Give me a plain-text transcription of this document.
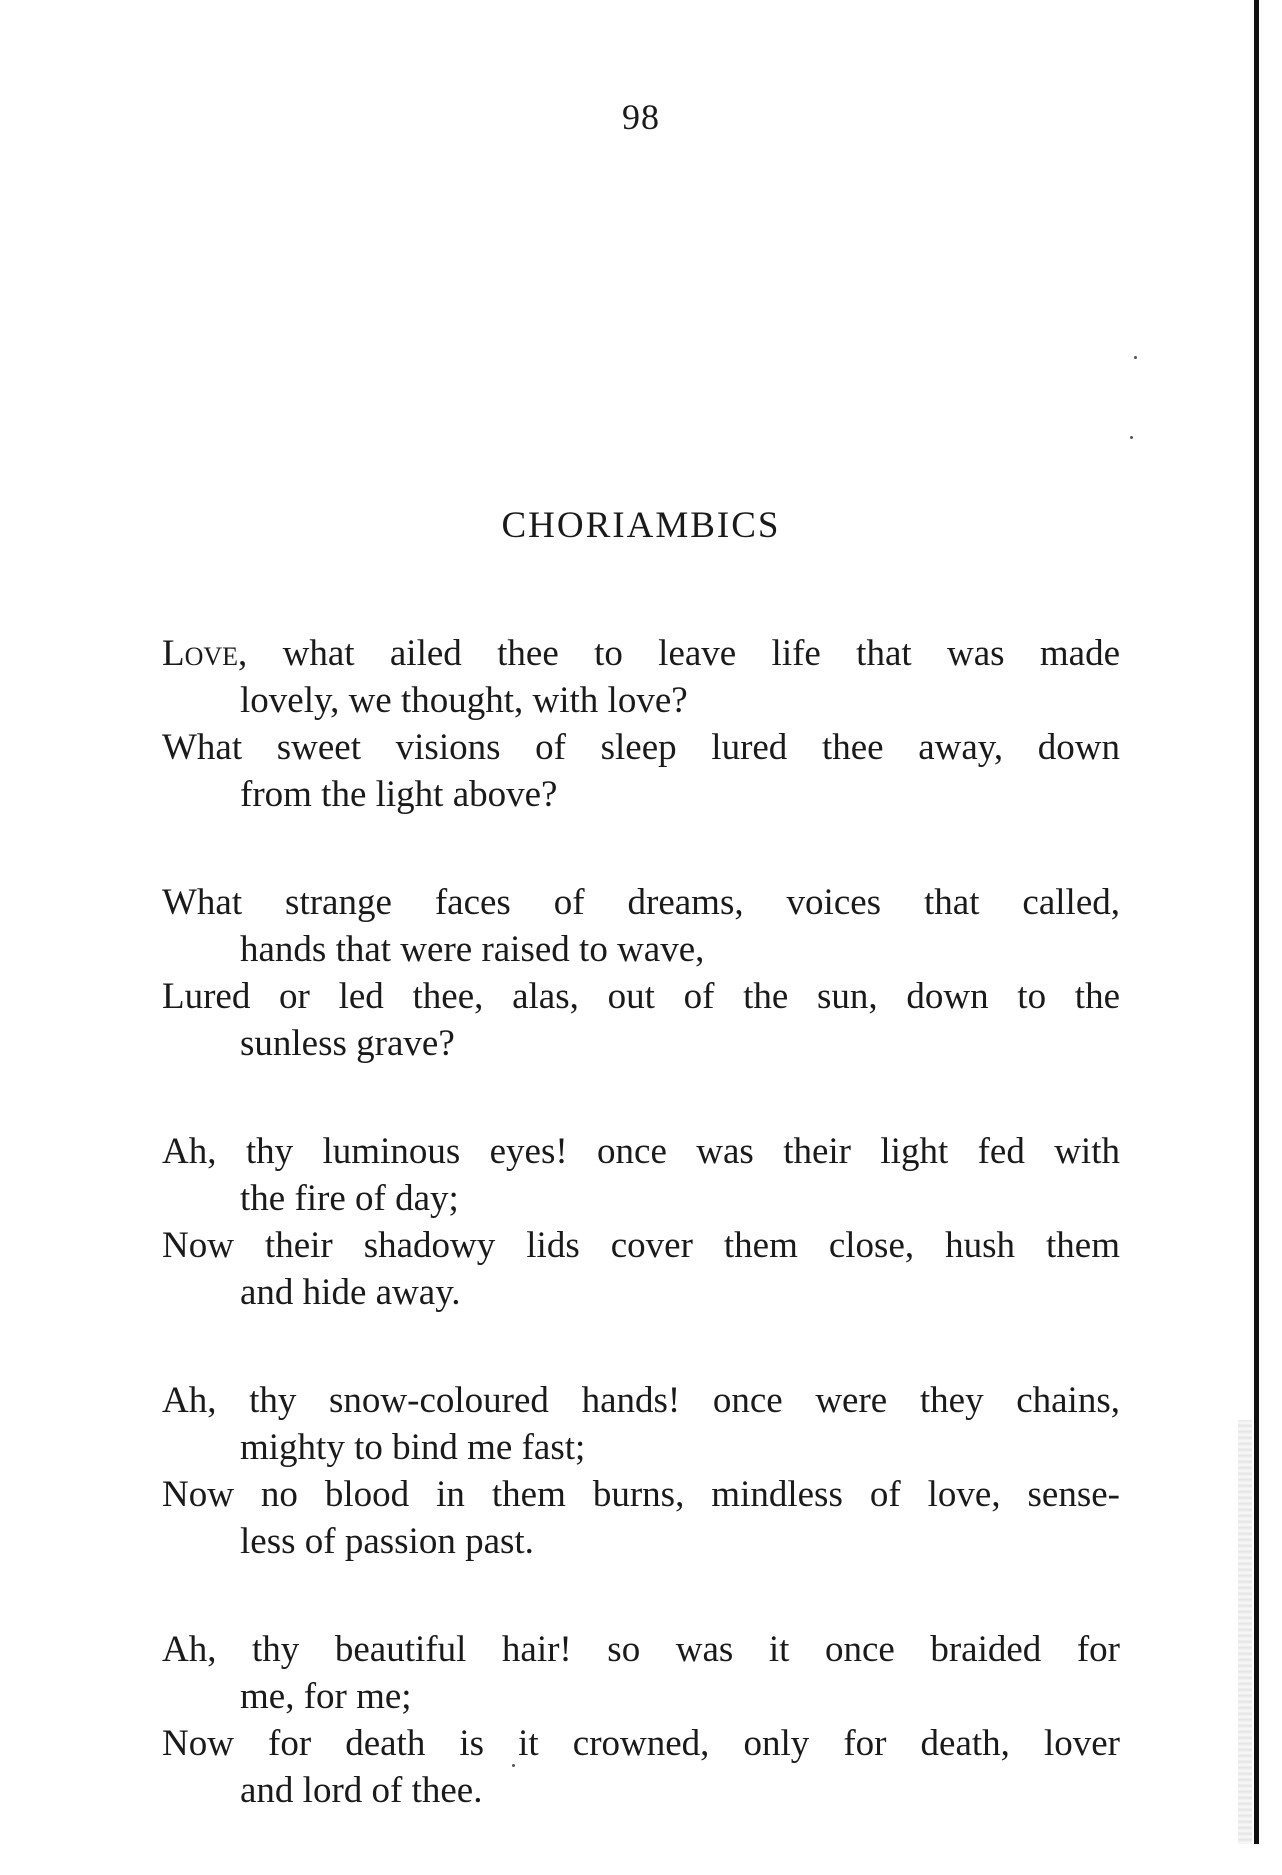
98
CHORIAMBICS

Love, what ailed thee to leave life that was made
lovely, we thought, with love?

What sweet visions of sleep lured thee away, down
from the light above?

What strange faces of dreams, voices that called,
hands that were raised to wave,

Lured or led thee, alas, out of the sun, down to the
sunless grave?

Ah, thy luminous eyes! once was their light fed with
the fire of day;

Now their shadowy lids cover them close, hush them
and hide away.

Ah, thy snow-coloured hands! once were they chains,
mighty to bind me fast;

Now no blood in them burns, mindless of love, sense-
less of passion past.

Ah, thy beautiful hair! so was it once braided for
me, for me;

Now for death is it crowned, only for death, lover
and lord of thee.
